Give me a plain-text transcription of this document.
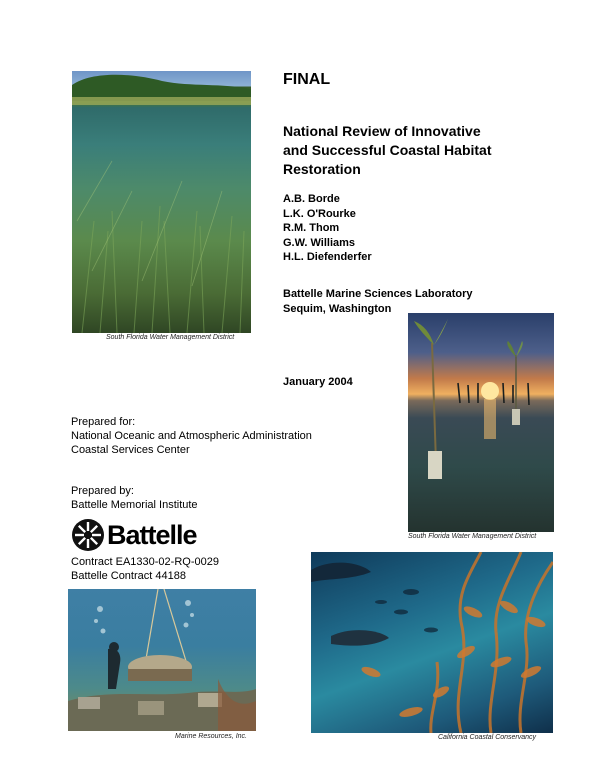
South Florida Water Management District
FINAL
National Review of Innovative
and Successful Coastal Habitat
Restoration
A.B. Borde
L.K. O'Rourke
R.M. Thom
G.W. Williams
H.L. Diefenderfer
Battelle Marine Sciences Laboratory
Sequim, Washington
South Florida Water Management District
January 2004
Prepared for:
National Oceanic and Atmospheric Administration
Coastal Services Center
Prepared by:
Battelle Memorial Institute
Battelle
Contract EA1330-02-RQ-0029
Battelle Contract 44188
Marine Resources, Inc.	California Coastal Conservancy
